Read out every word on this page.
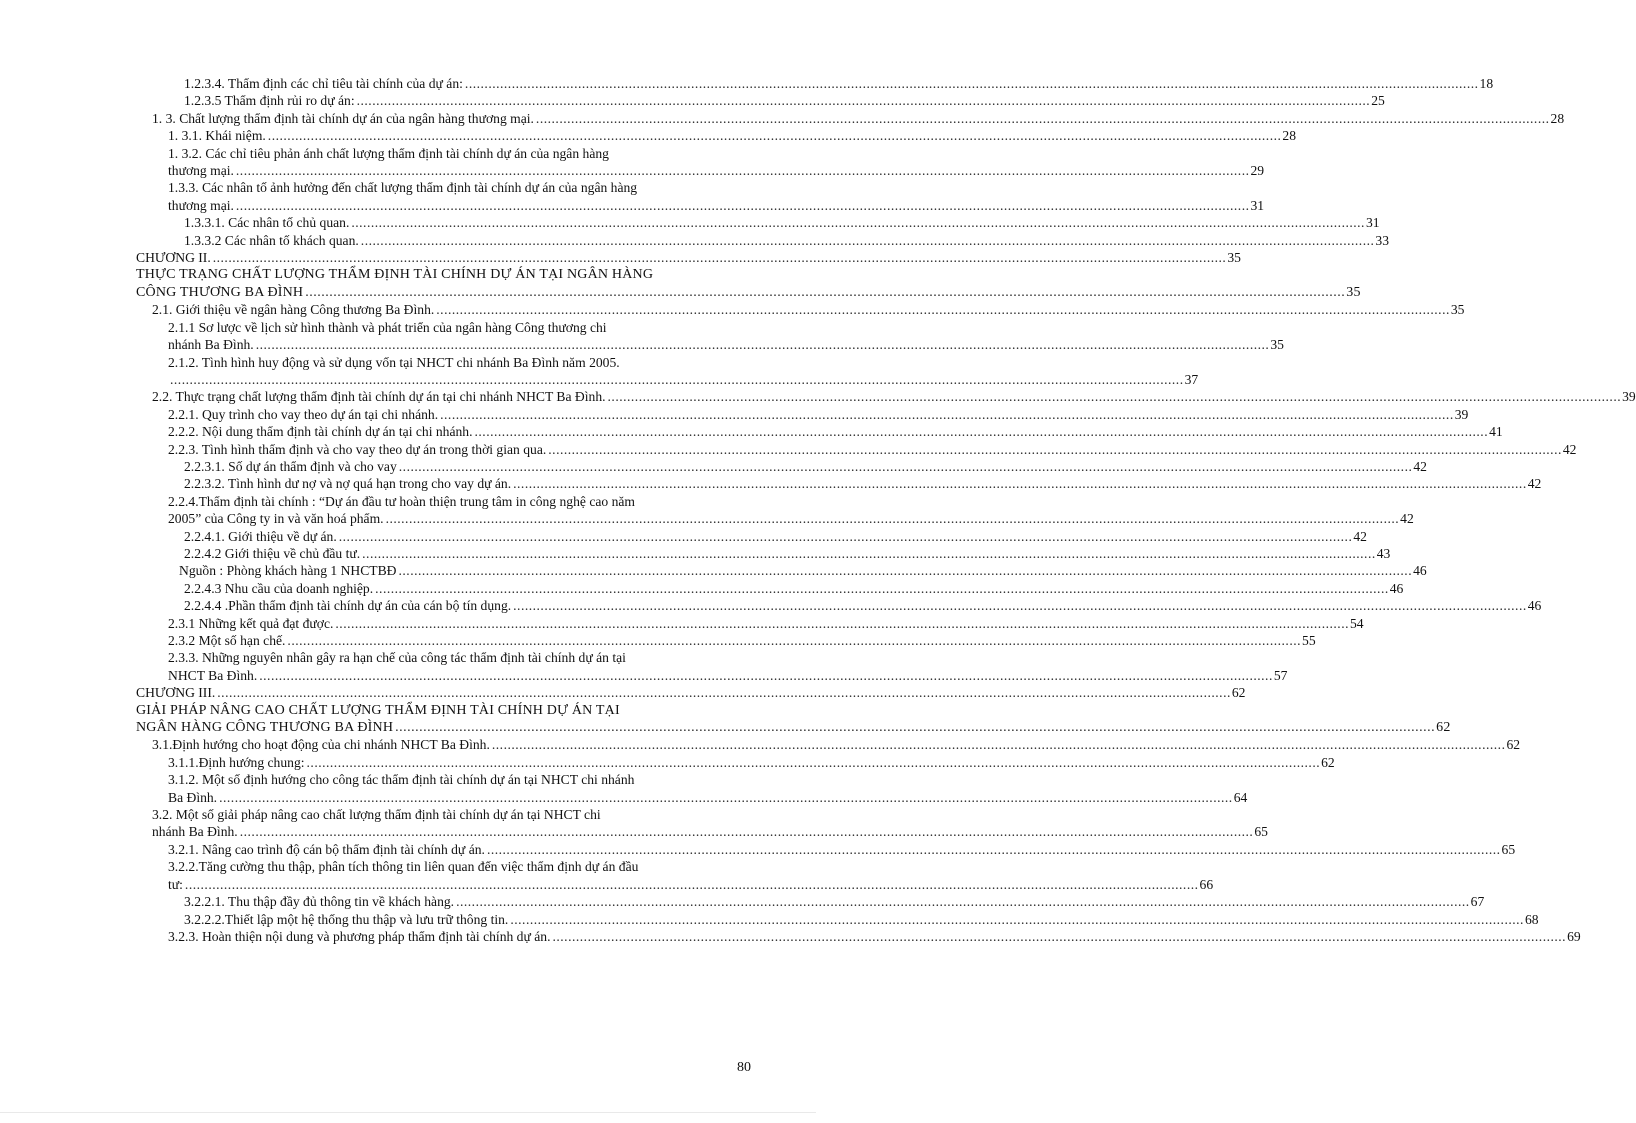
1.2.3.4. Thẩm định các chỉ tiêu tài chính của dự án: .................................................................................................................................................................................................................................................................... 18
1.2.3.5 Thẩm định rủi ro dự án: .................................................................................................................................................................................................................................................................... 25
1. 3. Chất lượng thẩm định tài chính dự án của ngân hàng thương mại. .................................................................................................................................................................................................................................................................... 28
1. 3.1. Khái niệm. .................................................................................................................................................................................................................................................................... 28
1. 3.2. Các chỉ tiêu phản ánh chất lượng thẩm định tài chính dự án của ngân hàng
thương mại. .................................................................................................................................................................................................................................................................... 29
1.3.3. Các nhân tố ảnh hưởng đến chất lượng thẩm định tài chính dự án của ngân hàng
thương mại. .................................................................................................................................................................................................................................................................... 31
1.3.3.1. Các nhân tố chủ quan. .................................................................................................................................................................................................................................................................... 31
1.3.3.2 Các nhân tố khách quan. .................................................................................................................................................................................................................................................................... 33
CHƯƠNG II. .................................................................................................................................................................................................................................................................... 35
THỰC TRẠNG CHẤT LƯỢNG THẨM ĐỊNH TÀI CHÍNH DỰ ÁN TẠI NGÂN HÀNG
CÔNG THƯƠNG BA ĐÌNH .................................................................................................................................................................................................................................................................... 35
2.1. Giới thiệu về ngân hàng Công thương Ba Đình. .................................................................................................................................................................................................................................................................... 35
2.1.1 Sơ lược về lịch sử hình thành và phát triển của ngân hàng Công thương chi
nhánh Ba Đình. .................................................................................................................................................................................................................................................................... 35
2.1.2. Tình hình huy động và sử dụng vốn tại NHCT chi nhánh Ba Đình năm 2005.
.................................................................................................................................................................................................................................................................... 37
2.2. Thực trạng chất lượng thẩm định tài chính dự án tại chi nhánh NHCT Ba Đình. .................................................................................................................................................................................................................................................................... 39
2.2.1. Quy trình cho vay theo dự án tại chi nhánh. .................................................................................................................................................................................................................................................................... 39
2.2.2. Nội dung thẩm định tài chính dự án tại chi nhánh. .................................................................................................................................................................................................................................................................... 41
2.2.3. Tình hình thẩm định và cho vay theo dự án trong thời gian qua. .................................................................................................................................................................................................................................................................... 42
2.2.3.1. Số dự án thẩm định và cho vay .................................................................................................................................................................................................................................................................... 42
2.2.3.2. Tình hình dư nợ và nợ quá hạn trong cho vay dự án. .................................................................................................................................................................................................................................................................... 42
2.2.4.Thẩm định tài chính : “Dự án đầu tư hoàn thiện trung tâm in công nghệ cao năm
2005” của Công ty in và văn hoá phẩm. .................................................................................................................................................................................................................................................................... 42
2.2.4.1. Giới thiệu về dự án. .................................................................................................................................................................................................................................................................... 42
2.2.4.2 Giới thiệu về chủ đầu tư. .................................................................................................................................................................................................................................................................... 43
Nguồn : Phòng khách hàng 1 NHCTBĐ .................................................................................................................................................................................................................................................................... 46
2.2.4.3 Nhu cầu của doanh nghiệp. .................................................................................................................................................................................................................................................................... 46
2.2.4.4 .Phần thẩm định tài chính dự án của cán bộ tín dụng. .................................................................................................................................................................................................................................................................... 46
2.3.1 Những kết quả đạt được. .................................................................................................................................................................................................................................................................... 54
2.3.2 Một số hạn chế. .................................................................................................................................................................................................................................................................... 55
2.3.3. Những nguyên nhân gây ra hạn chế của công tác thẩm định tài chính dự án tại
NHCT Ba Đình. .................................................................................................................................................................................................................................................................... 57
CHƯƠNG III. .................................................................................................................................................................................................................................................................... 62
GIẢI PHÁP NÂNG CAO CHẤT LƯỢNG THẨM ĐỊNH TÀI CHÍNH DỰ ÁN TẠI
NGÂN HÀNG CÔNG THƯƠNG BA ĐÌNH .................................................................................................................................................................................................................................................................... 62
3.1.Định hướng cho hoạt động của chi nhánh NHCT Ba Đình. .................................................................................................................................................................................................................................................................... 62
3.1.1.Định hướng chung: .................................................................................................................................................................................................................................................................... 62
3.1.2. Một số định hướng cho công tác thẩm định tài chính dự án tại NHCT chi nhánh
Ba Đình. .................................................................................................................................................................................................................................................................... 64
3.2. Một số giải pháp nâng cao chất lượng thẩm định tài chính dự án tại NHCT chi
nhánh Ba Đình. .................................................................................................................................................................................................................................................................... 65
3.2.1. Nâng cao trình độ cán bộ thẩm định tài chính dự án. .................................................................................................................................................................................................................................................................... 65
3.2.2.Tăng cường thu thập, phân tích thông tin liên quan đến việc thẩm định dự án đầu
tư: .................................................................................................................................................................................................................................................................... 66
3.2.2.1. Thu thập đầy đủ thông tin về khách hàng. .................................................................................................................................................................................................................................................................... 67
3.2.2.2.Thiết lập một hệ thống thu thập và lưu trữ thông tin. .................................................................................................................................................................................................................................................................... 68
3.2.3. Hoàn thiện nội dung và phương pháp thẩm định tài chính dự án. .................................................................................................................................................................................................................................................................... 69
80
